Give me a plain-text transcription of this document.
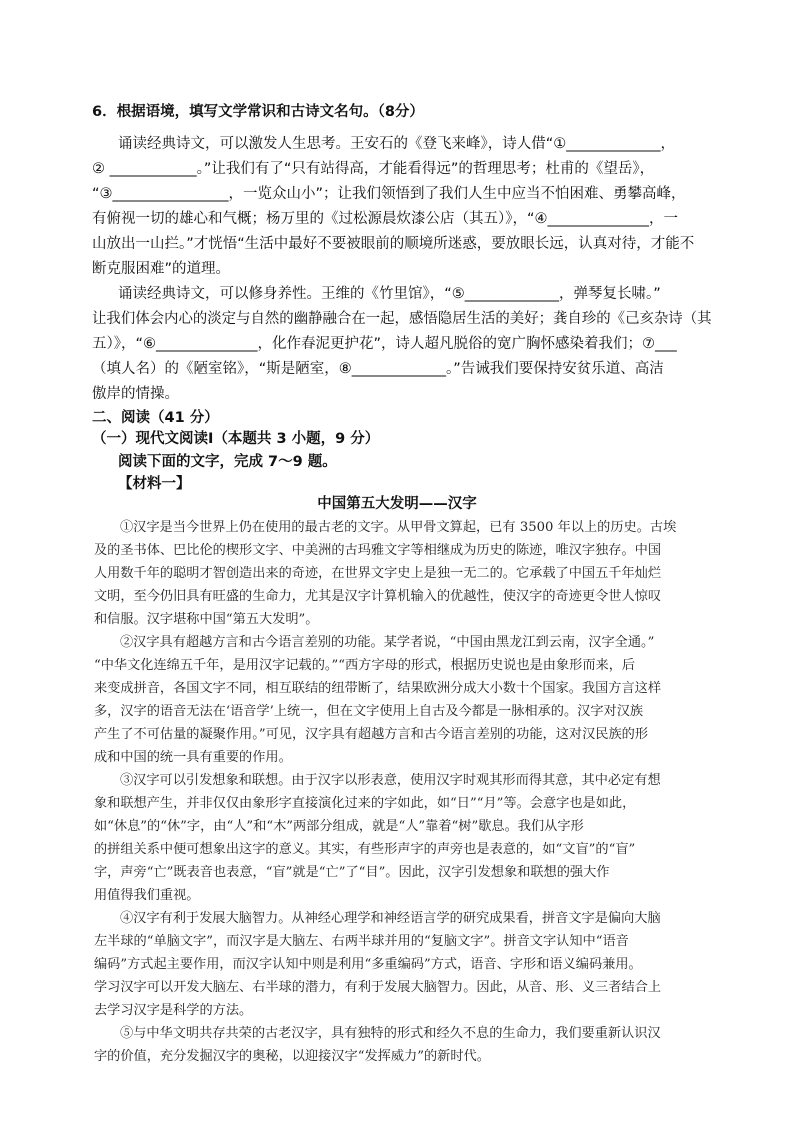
6．根据语境，填写文学常识和古诗文名句。（8分）
诵读经典诗文，可以激发人生思考。王安石的《登飞来峰》，诗人借“①_____________，
② ____________。”让我们有了“只有站得高，才能看得远”的哲理思考；杜甫的《望岳》，
“③________________，一览众山小”；让我们领悟到了我们人生中应当不怕困难、勇攀高峰，
有俯视一切的雄心和气概；杨万里的《过松源晨炊漆公店（其五）》，“④______________，一
山放出一山拦。”才恍悟“生活中最好不要被眼前的顺境所迷惑，要放眼长远，认真对待，才能不
断克服困难”的道理。
诵读经典诗文，可以修身养性。王维的《竹里馆》，“⑤_____________，弹琴复长啸。”
让我们体会内心的淡定与自然的幽静融合在一起，感悟隐居生活的美好；龚自珍的《己亥杂诗（其
五）》，“⑥______________，化作春泥更护花”，诗人超凡脱俗的宽广胸怀感染着我们；⑦___
（填人名）的《陋室铭》，“斯是陋室，⑧_____________。”告诫我们要保持安贫乐道、高洁
傲岸的情操。
二、阅读（41 分）
（一）现代文阅读Ⅰ（本题共 3 小题，9 分）
阅读下面的文字，完成 7～9 题。
【材料一】
中国第五大发明——汉字
①汉字是当今世界上仍在使用的最古老的文字。从甲骨文算起，已有 3500 年以上的历史。古埃
及的圣书体、巴比伦的楔形文字、中美洲的古玛雅文字等相继成为历史的陈迹，唯汉字独存。中国
人用数千年的聪明才智创造出来的奇迹，在世界文字史上是独一无二的。它承载了中国五千年灿烂
文明，至今仍旧具有旺盛的生命力，尤其是汉字计算机输入的优越性，使汉字的奇迹更令世人惊叹
和信服。汉字堪称中国“第五大发明”。
②汉字具有超越方言和古今语言差别的功能。某学者说，“中国由黑龙江到云南，汉字全通。”
“中华文化连绵五千年，是用汉字记载的。”“西方字母的形式，根据历史说也是由象形而来，后
来变成拼音，各国文字不同，相互联结的纽带断了，结果欧洲分成大小数十个国家。我国方言这样
多，汉字的语音无法在‘语音学’上统一，但在文字使用上自古及今都是一脉相承的。汉字对汉族
产生了不可估量的凝聚作用。”可见，汉字具有超越方言和古今语言差别的功能，这对汉民族的形
成和中国的统一具有重要的作用。
③汉字可以引发想象和联想。由于汉字以形表意，使用汉字时观其形而得其意，其中必定有想
象和联想产生，并非仅仅由象形字直接演化过来的字如此，如“日”“月”等。会意字也是如此，
如“休息”的“休”字，由“人”和“木”两部分组成，就是“人”靠着“树”歇息。我们从字形
的拼组关系中便可想象出这字的意义。其实，有些形声字的声旁也是表意的，如“文盲”的“盲”
字，声旁“亡”既表音也表意，“盲”就是“亡”了“目”。因此，汉字引发想象和联想的强大作
用值得我们重视。
④汉字有利于发展大脑智力。从神经心理学和神经语言学的研究成果看，拼音文字是偏向大脑
左半球的“单脑文字”，而汉字是大脑左、右两半球并用的“复脑文字”。拼音文字认知中“语音
编码”方式起主要作用，而汉字认知中则是利用“多重编码”方式，语音、字形和语义编码兼用。
学习汉字可以开发大脑左、右半球的潜力，有利于发展大脑智力。因此，从音、形、义三者结合上
去学习汉字是科学的方法。
⑤与中华文明共存共荣的古老汉字，具有独特的形式和经久不息的生命力，我们要重新认识汉
字的价值，充分发掘汉字的奥秘，以迎接汉字“发挥威力”的新时代。
